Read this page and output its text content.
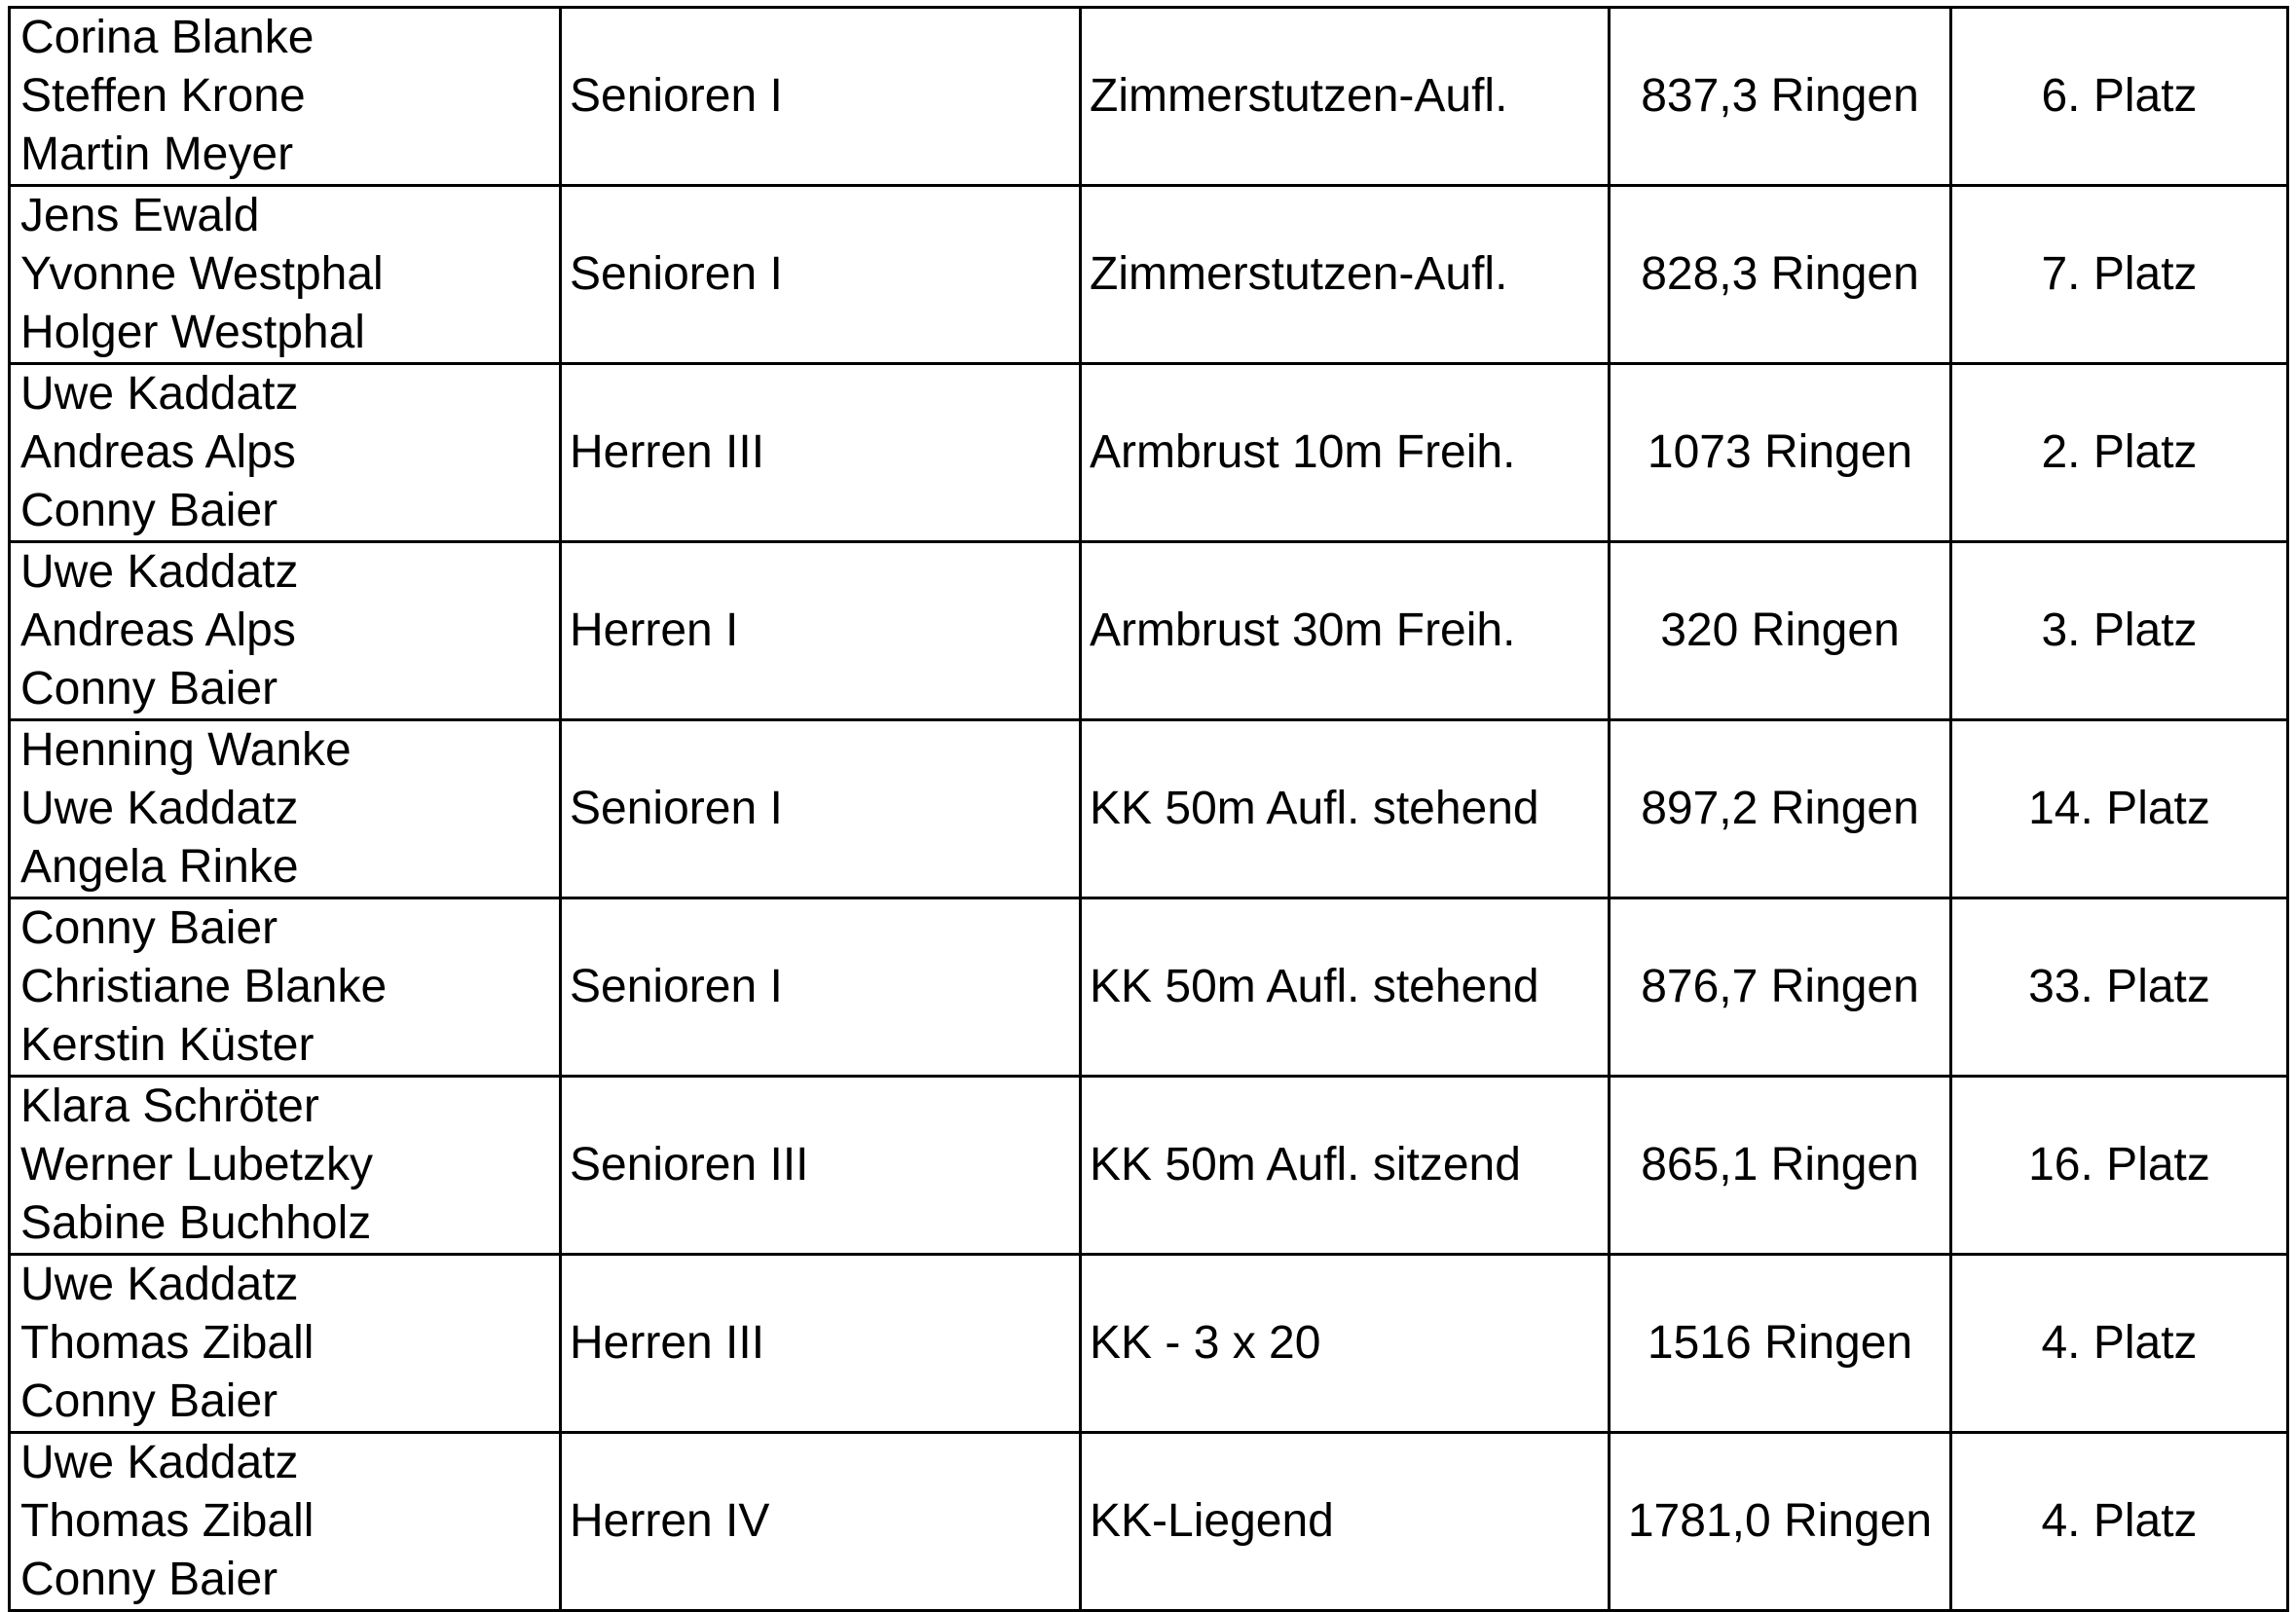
Corina Blanke
Steffen Krone
Martin Meyer	Senioren I	Zimmerstutzen-Aufl.	837,3 Ringen	6. Platz

Jens Ewald
Yvonne Westphal
Holger Westphal	Senioren I	Zimmerstutzen-Aufl.	828,3 Ringen	7. Platz

Uwe Kaddatz
Andreas Alps
Conny Baier	Herren III	Armbrust 10m Freih.	1073 Ringen	2. Platz

Uwe Kaddatz
Andreas Alps
Conny Baier	Herren I	Armbrust 30m Freih.	320 Ringen	3. Platz

Henning Wanke
Uwe Kaddatz
Angela Rinke	Senioren I	KK 50m Aufl. stehend	897,2 Ringen	14. Platz

Conny Baier
Christiane Blanke
Kerstin Küster	Senioren I	KK 50m Aufl. stehend	876,7 Ringen	33. Platz

Klara Schröter
Werner Lubetzky
Sabine Buchholz	Senioren III	KK 50m Aufl. sitzend	865,1 Ringen	16. Platz

Uwe Kaddatz
Thomas Ziball
Conny Baier	Herren III	KK - 3 x 20	1516 Ringen	4. Platz

Uwe Kaddatz
Thomas Ziball
Conny Baier	Herren IV	KK-Liegend	1781,0 Ringen	4. Platz
